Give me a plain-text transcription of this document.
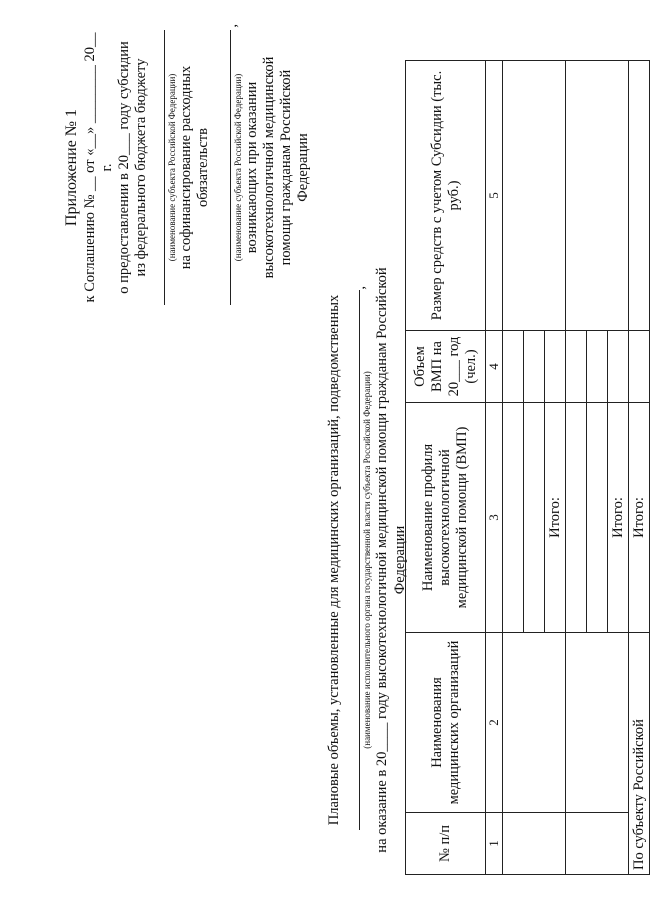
Приложение № 1 к Соглашению № __ от «__» ________ 20__ г. о предоставлении в 20___ году субсидии из федерального бюджета бюджету	(наименование субъекта Российской Федерации) на софинансирование расходных обязательств	(наименование субъекта Российской Федерации)
,
возникающих при оказании высокотехнологичной медицинской помощи гражданам Российской Федерации
Плановые объемы, установленные для медицинских организаций, подведомственных	(наименование исполнительного органа государственной власти субъекта Российской Федерации)
, на оказание в 20____ году высокотехнологичной медицинской помощи гражданам Российской Федерации
№ п/п	Наименования медицинских организаций	Наименование профиля высокотехнологичной медицинской помощи (ВМП)	Объем ВМП на 20___ год (чел.)	Размер средств с учетом Субсидии (тыс. руб.)
1	2	3	4	5

		Итого:		

		Итого:		
По субъекту Российской		Итого:		
